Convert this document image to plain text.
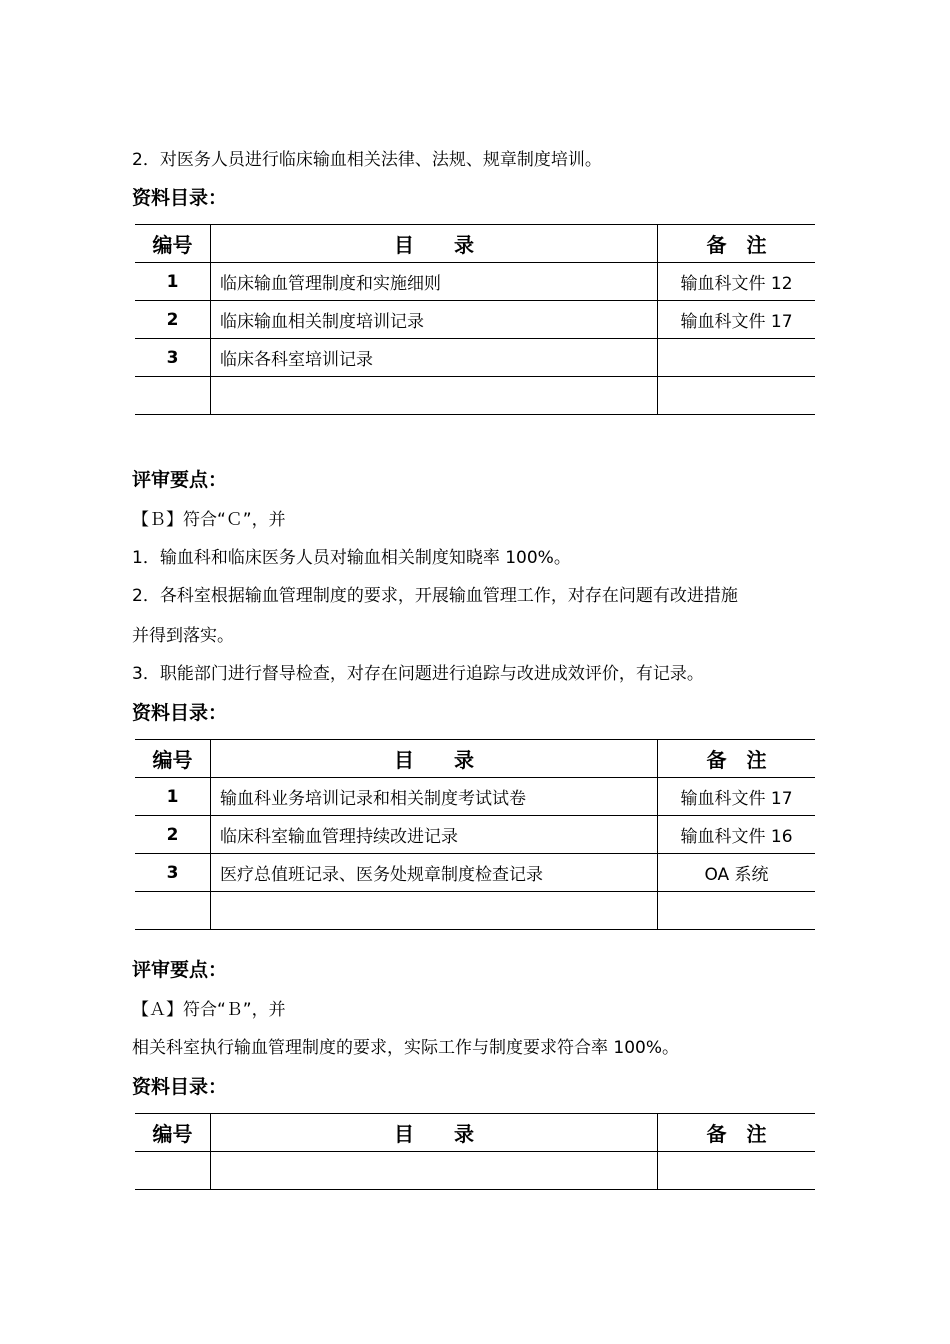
2．对医务人员进行临床输血相关法律、法规、规章制度培训。
资料目录：
编号	目　　录	备　注
1	临床输血管理制度和实施细则	输血科文件 12
2	临床输血相关制度培训记录	输血科文件 17
3	临床各科室培训记录	

评审要点：
【Ｂ】符合“Ｃ”，并
1．输血科和临床医务人员对输血相关制度知晓率 100%。
2．各科室根据输血管理制度的要求，开展输血管理工作，对存在问题有改进措施
并得到落实。
3．职能部门进行督导检查，对存在问题进行追踪与改进成效评价，有记录。
资料目录：
编号	目　　录	备　注
1	输血科业务培训记录和相关制度考试试卷	输血科文件 17
2	临床科室输血管理持续改进记录	输血科文件 16
3	医疗总值班记录、医务处规章制度检查记录	OA 系统

评审要点：
【Ａ】符合“Ｂ”，并
相关科室执行输血管理制度的要求，实际工作与制度要求符合率 100%。
资料目录：
编号	目　　录	备　注
